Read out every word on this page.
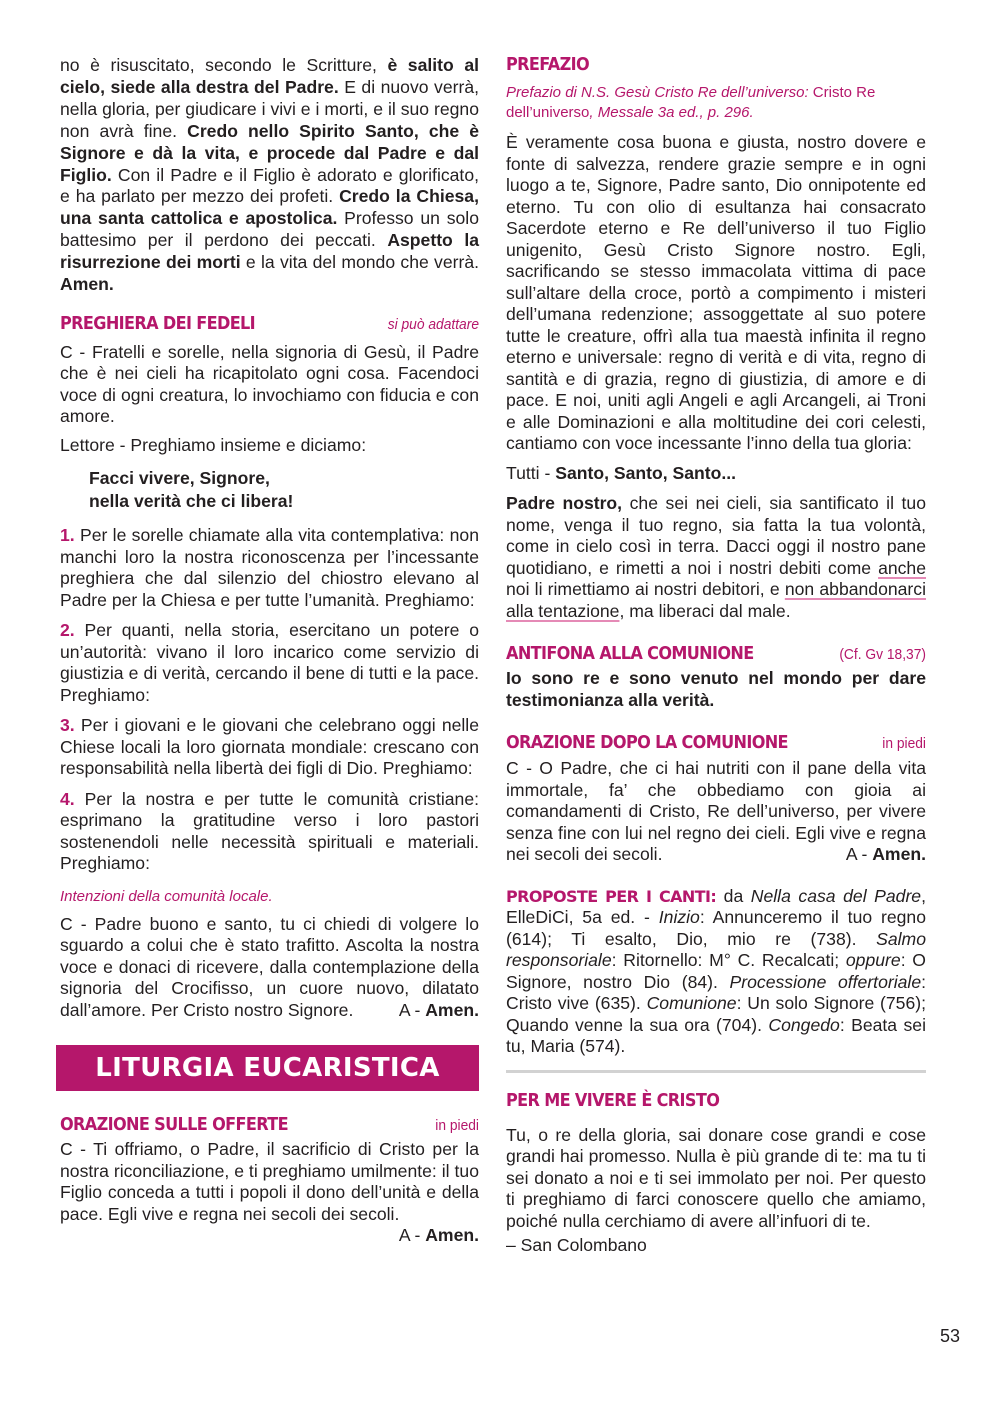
no è risuscitato, secondo le Scritture, è salito al cielo, siede alla destra del Padre. E di nuovo verrà, nella gloria, per giudicare i vivi e i morti, e il suo regno non avrà fine. Credo nello Spirito Santo, che è Signore e dà la vita, e procede dal Padre e dal Figlio. Con il Padre e il Figlio è adorato e glorificato, e ha parlato per mezzo dei profeti. Credo la Chiesa, una santa cattolica e apostolica. Professo un solo battesimo per il perdono dei peccati. Aspetto la risurrezione dei morti e la vita del mondo che verrà. Amen.

PREGHIERA DEI FEDELI	si può adattare

C - Fratelli e sorelle, nella signoria di Gesù, il Padre che è nei cieli ha ricapitolato ogni cosa. Facendoci voce di ogni creatura, lo invochiamo con fiducia e con amore.

Lettore - Preghiamo insieme e diciamo:

Facci vivere, Signore,
nella verità che ci libera!

1. Per le sorelle chiamate alla vita contemplativa: non manchi loro la nostra riconoscenza per l’incessante preghiera che dal silenzio del chiostro elevano al Padre per la Chiesa e per tutte l’umanità. Preghiamo:

2. Per quanti, nella storia, esercitano un potere o un’autorità: vivano il loro incarico come servizio di giustizia e di verità, cercando il bene di tutti e la pace. Preghiamo:

3. Per i giovani e le giovani che celebrano oggi nelle Chiese locali la loro giornata mondiale: crescano con responsabilità nella libertà dei figli di Dio. Preghiamo:

4. Per la nostra e per tutte le comunità cristiane: esprimano la gratitudine verso i loro pastori sostenendoli nelle necessità spirituali e materiali. Preghiamo:

Intenzioni della comunità locale.

C - Padre buono e santo, tu ci chiedi di volgere lo sguardo a colui che è stato trafitto. Ascolta la nostra voce e donaci di ricevere, dalla contemplazione della signoria del Crocifisso, un cuore nuovo, dilatato dall’amore. Per Cristo nostro Signore.	A - Amen.

LITURGIA EUCARISTICA
ORAZIONE SULLE OFFERTE	in piedi

C - Ti offriamo, o Padre, il sacrificio di Cristo per la nostra riconciliazione, e ti preghiamo umilmente: il tuo Figlio conceda a tutti i popoli il dono dell’unità e della pace. Egli vive e regna nei secoli dei secoli.
A - Amen.

PREFAZIO
Prefazio di N.S. Gesù Cristo Re dell’universo: Cristo Re dell’universo, Messale 3a ed., p. 296.

È veramente cosa buona e giusta, nostro dovere e fonte di salvezza, rendere grazie sempre e in ogni luogo a te, Signore, Padre santo, Dio onnipotente ed eterno. Tu con olio di esultanza hai consacrato Sacerdote eterno e Re dell’universo il tuo Figlio unigenito, Gesù Cristo Signore nostro. Egli, sacrificando se stesso immacolata vittima di pace sull’altare della croce, portò a compimento i misteri dell’umana redenzione; assoggettate al suo potere tutte le creature, offrì alla tua maestà infinita il regno eterno e universale: regno di verità e di vita, regno di santità e di grazia, regno di giustizia, di amore e di pace. E noi, uniti agli Angeli e agli Arcangeli, ai Troni e alle Dominazioni e alla moltitudine dei cori celesti, cantiamo con voce incessante l’inno della tua gloria:

Tutti - Santo, Santo, Santo...

Padre nostro, che sei nei cieli, sia santificato il tuo nome, venga il tuo regno, sia fatta la tua volontà, come in cielo così in terra. Dacci oggi il nostro pane quotidiano, e rimetti a noi i nostri debiti come anche noi li rimettiamo ai nostri debitori, e non abbandonarci alla tentazione, ma liberaci dal male.

ANTIFONA ALLA COMUNIONE	(Cf. Gv 18,37)

Io sono re e sono venuto nel mondo per dare testimonianza alla verità.

ORAZIONE DOPO LA COMUNIONE	in piedi

C - O Padre, che ci hai nutriti con il pane della vita immortale, fa’ che obbediamo con gioia ai comandamenti di Cristo, Re dell’universo, per vivere senza fine con lui nel regno dei cieli. Egli vive e regna nei secoli dei secoli.	A - Amen.

PROPOSTE PER I CANTI: da Nella casa del Padre, ElleDiCi, 5a ed. - Inizio: Annunceremo il tuo regno (614); Ti esalto, Dio, mio re (738). Salmo responsoriale: Ritornello: M° C. Recalcati; oppure: O Signore, nostro Dio (84). Processione offertoriale: Cristo vive (635). Comunione: Un solo Signore (756); Quando venne la sua ora (704). Congedo: Beata sei tu, Maria (574).

PER ME VIVERE È CRISTO

Tu, o re della gloria, sai donare cose grandi e cose grandi hai promesso. Nulla è più grande di te: ma tu ti sei donato a noi e ti sei immolato per noi. Per questo ti preghiamo di farci conoscere quello che amiamo, poiché nulla cerchiamo di avere all’infuori di te.

– San Colombano

53
